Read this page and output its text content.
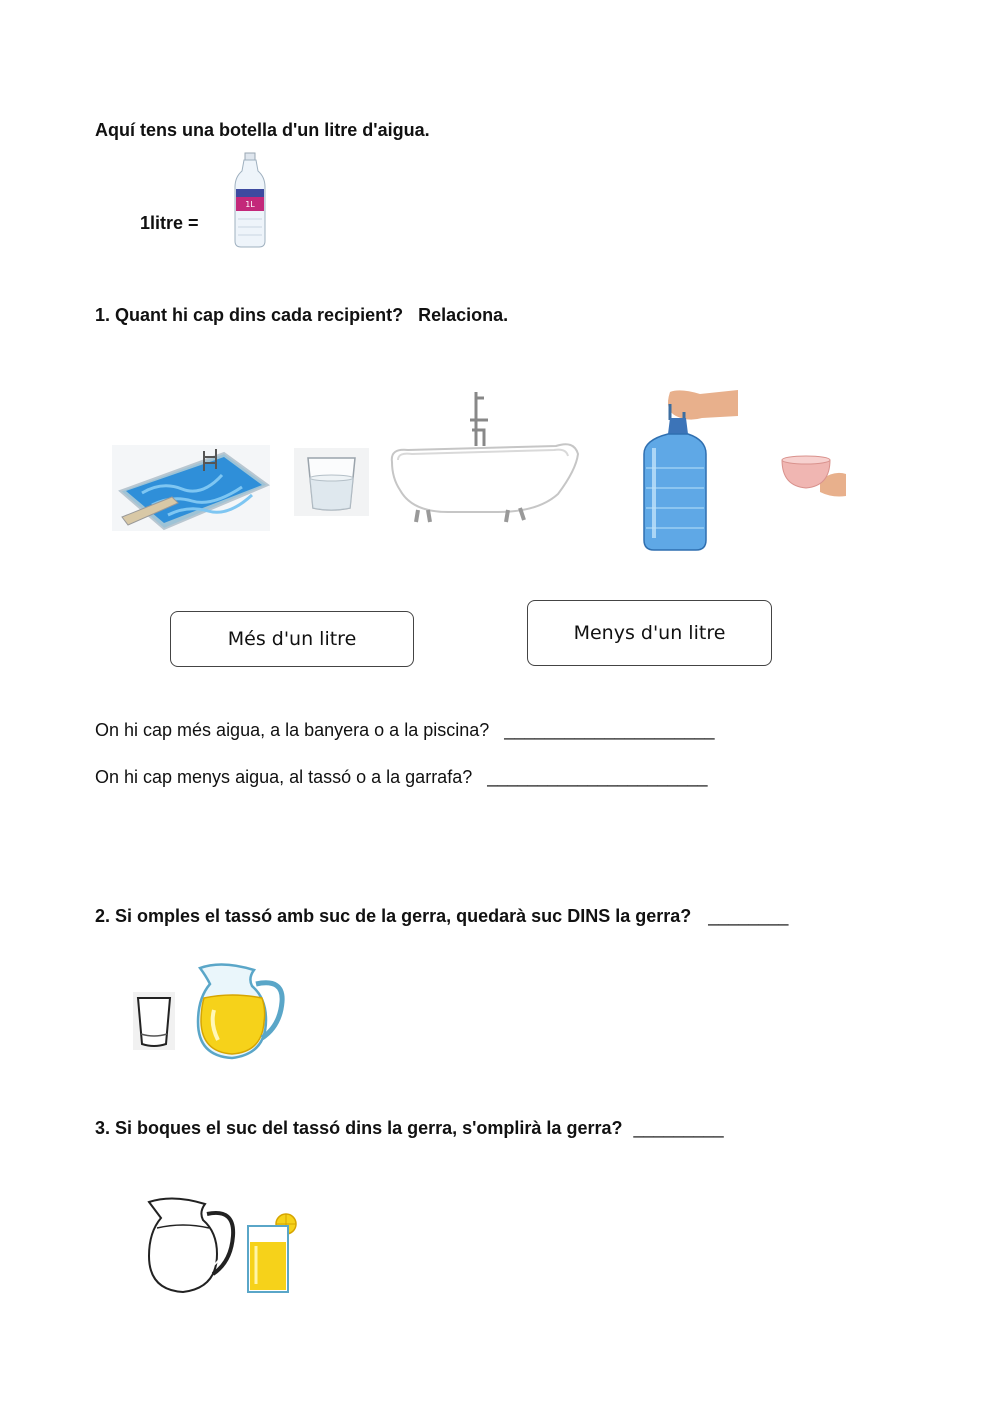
Aquí tens una botella d'un litre d'aigua.
1litre =
1L
1. Quant hi cap dins cada recipient?   Relaciona.
Més d'un litre	Menys d'un litre
On hi cap més aigua, a la banyera o a la piscina? _____________________
On hi cap menys aigua, al tassó o a la garrafa? ______________________
2. Si omples el tassó amb suc de la gerra, quedarà suc DINS la gerra? ________
3. Si boques el suc del tassó dins la gerra, s'omplirà la gerra? _________
